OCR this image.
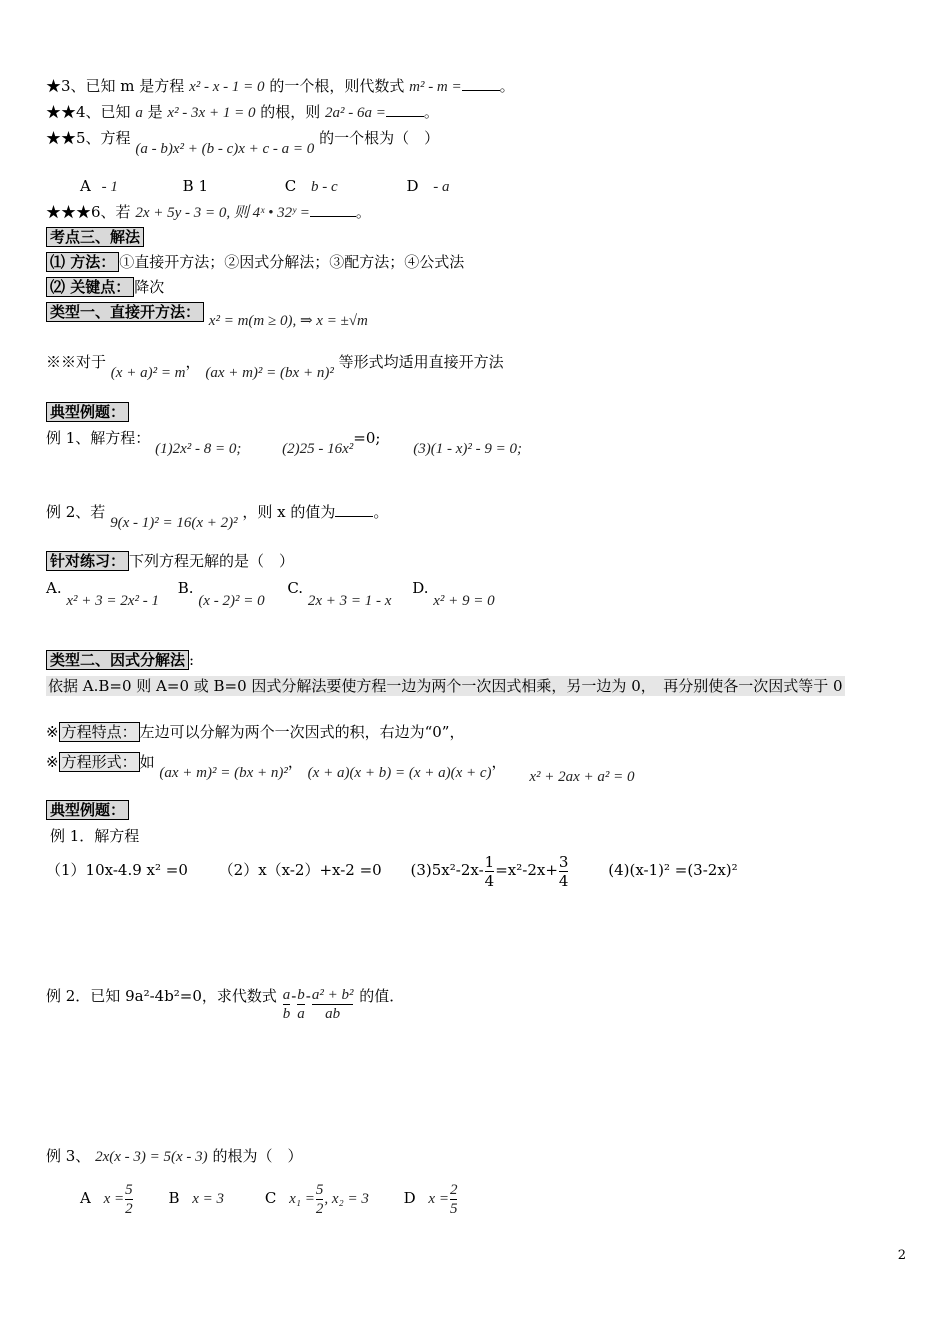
★3、已知 m 是方程 x² - x - 1 = 0 的一个根，则代数式 m² - m =	。
★★4、已知 a 是 x² - 3x + 1 = 0 的根，则 2a² - 6a =	。
★★5、方程 (a - b)x² + (b - c)x + c - a = 0 的一个根为（　）
A - 1	B 1	C b - c	D - a
★★★6、若 2x + 5y - 3 = 0, 则 4ˣ • 32ʸ =	。
考点三、解法
⑴ 方法： ①直接开方法；②因式分解法；③配方法；④公式法
⑵ 关键点： 降次
类型一、直接开方法： x² = m(m ≥ 0), ⇒ x = ±√m
※※对于 (x + a)² = m， (ax + m)² = (bx + n)² 等形式均适用直接开方法
典型例题：
例 1、解方程： (1)2x² - 8 = 0;	(2)25 - 16x²=0; (3)(1 - x)² - 9 = 0;
例 2、若 9(x - 1)² = 16(x + 2)² ，则 x 的值为	。
针对练习： 下列方程无解的是（　）
A. x² + 3 = 2x² - 1 B. (x - 2)² = 0 C. 2x + 3 = 1 - x D. x² + 9 = 0
类型二、因式分解法 :
依据 A.B=0 则 A=0 或 B=0 因式分解法要使方程一边为两个一次因式相乘，另一边为 0，　再分别使各一次因式等于 0
※ 方程特点： 左边可以分解为两个一次因式的积，右边为“0”，
※ 方程形式： 如 (ax + m)² = (bx + n)²， (x + a)(x + b) = (x + a)(x + c)， x² + 2ax + a² = 0
典型例题：
例 1．解方程
（1）10x-4.9 x² =0 （2）x（x-2）+x-2 =0 $(3)5x^2-2x- \frac{1}{4} =x^2-2x+ \frac{3}{4}$	(4)(x-1)² =(3-2x)²
例 2．已知 9a²-4b²=0，求代数式 $\frac{a}{b} - \frac{b}{a} - \frac{\text{a² + b²}}{ab}$ 的值．
例 3、 2x(x - 3) = 5(x - 3) 的根为（　）
A $x = \frac{5}{2}$ B x = 3	C $x_1 = \frac{5}{2}$ , x₂ = 3 D $x = \frac{2}{5}$
2
